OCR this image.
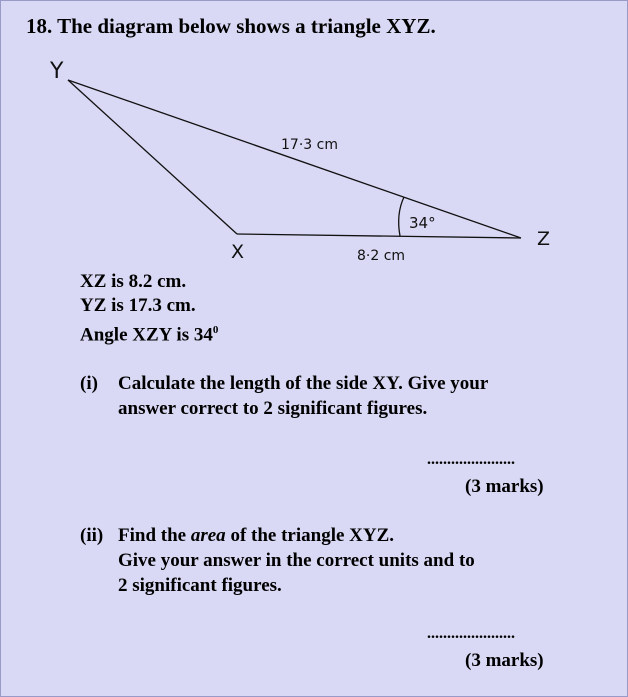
18. The diagram below shows a triangle XYZ.
Y
X
Z
17·3 cm
8·2 cm
34°
XZ is 8.2 cm.
YZ is 17.3 cm.
Angle XZY is $34^0$
(i) Calculate the length of the side XY. Give your
answer correct to 2 significant figures.
......................
(3 marks)
(ii) Find the area of the triangle XYZ.
Give your answer in the correct units and to
2 significant figures.
......................
(3 marks)
